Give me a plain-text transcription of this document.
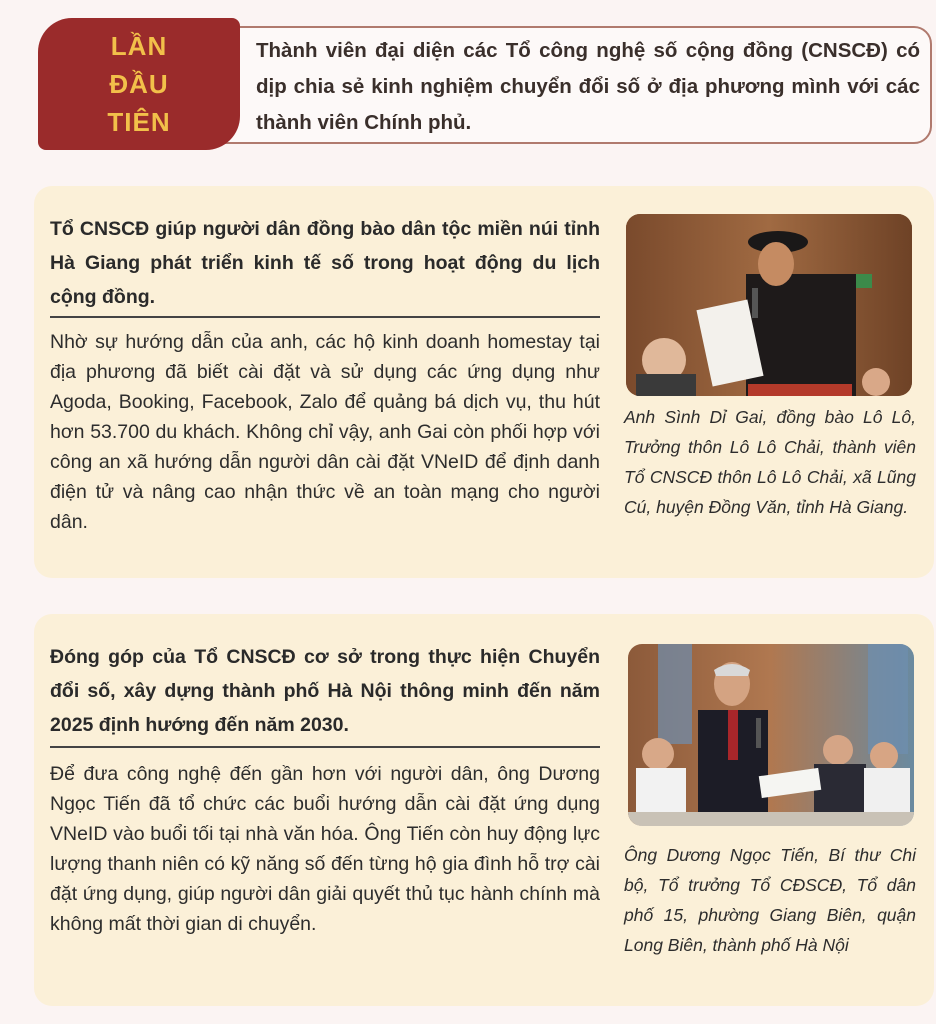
Thành viên đại diện các Tổ công nghệ số cộng đồng (CNSCĐ) có dịp chia sẻ kinh nghiệm chuyển đổi số ở địa phương mình với các thành viên Chính phủ.
LẦN
ĐẦU
TIÊN
Tổ CNSCĐ giúp người dân đồng bào dân tộc miền núi tỉnh Hà Giang phát triển kinh tế số trong hoạt động du lịch cộng đồng.
Nhờ sự hướng dẫn của anh, các hộ kinh doanh homestay tại địa phương đã biết cài đặt và sử dụng các ứng dụng như Agoda, Booking, Facebook, Zalo để quảng bá dịch vụ, thu hút hơn 53.700 du khách. Không chỉ vậy, anh Gai còn phối hợp với công an xã hướng dẫn người dân cài đặt VNeID để định danh điện tử và nâng cao nhận thức về an toàn mạng cho người dân.
Anh Sình Dỉ Gai, đồng bào Lô Lô, Trưởng thôn Lô Lô Chải, thành viên Tổ CNSCĐ thôn Lô Lô Chải, xã Lũng Cú, huyện Đồng Văn, tỉnh Hà Giang.
Đóng góp của Tổ CNSCĐ cơ sở trong thực hiện Chuyển đổi số, xây dựng thành phố Hà Nội thông minh đến năm 2025 định hướng đến năm 2030.
Để đưa công nghệ đến gần hơn với người dân, ông Dương Ngọc Tiến đã tổ chức các buổi hướng dẫn cài đặt ứng dụng VNeID vào buổi tối tại nhà văn hóa. Ông Tiến còn huy động lực lượng thanh niên có kỹ năng số đến từng hộ gia đình hỗ trợ cài đặt ứng dụng, giúp người dân giải quyết thủ tục hành chính mà không mất thời gian di chuyển.
Ông Dương Ngọc Tiến, Bí thư Chi bộ, Tổ trưởng Tổ CĐSCĐ, Tổ dân phố 15, phường Giang Biên, quận Long Biên, thành phố Hà Nội
